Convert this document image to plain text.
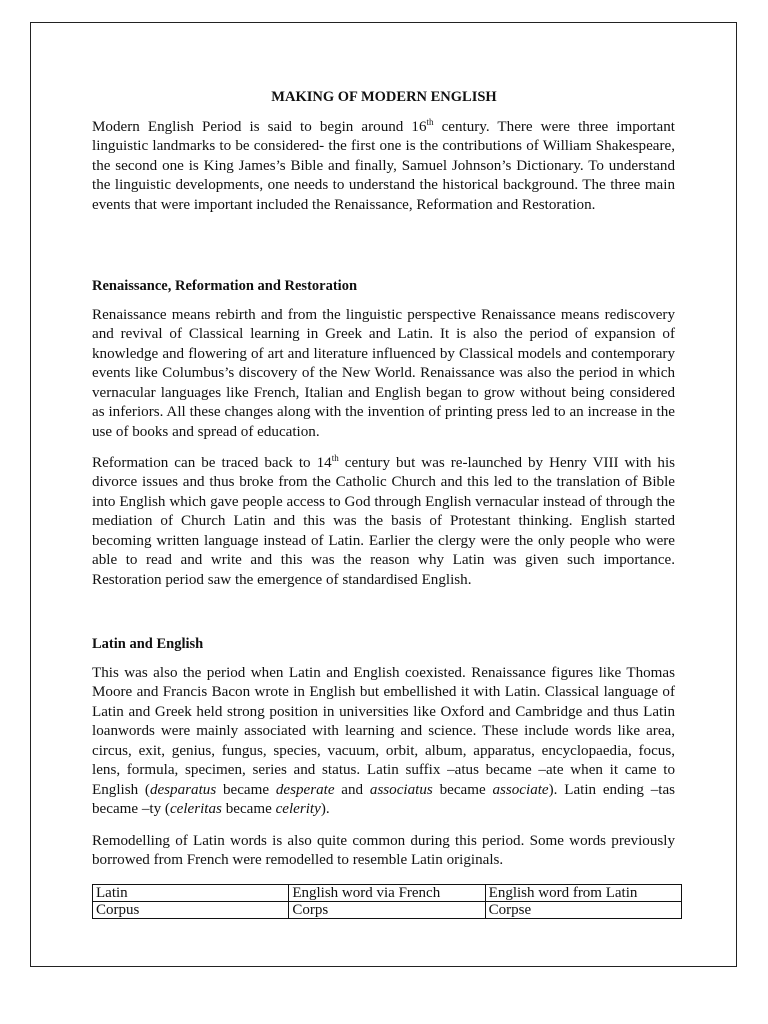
MAKING OF MODERN ENGLISH
Modern English Period is said to begin around 16th century. There were three important linguistic landmarks to be considered- the first one is the contributions of William Shakespeare, the second one is King James’s Bible and finally, Samuel Johnson’s Dictionary. To understand the linguistic developments, one needs to understand the historical background. The three main events that were important included the Renaissance, Reformation and Restoration.
Renaissance, Reformation and Restoration
Renaissance means rebirth and from the linguistic perspective Renaissance means rediscovery and revival of Classical learning in Greek and Latin. It is also the period of expansion of knowledge and flowering of art and literature influenced by Classical models and contemporary events like Columbus’s discovery of the New World. Renaissance was also the period in which vernacular languages like French, Italian and English began to grow without being considered as inferiors. All these changes along with the invention of printing press led to an increase in the use of books and spread of education.
Reformation can be traced back to 14th century but was re-launched by Henry VIII with his divorce issues and thus broke from the Catholic Church and this led to the translation of Bible into English which gave people access to God through English vernacular instead of through the mediation of Church Latin and this was the basis of Protestant thinking. English started becoming written language instead of Latin. Earlier the clergy were the only people who were able to read and write and this was the reason why Latin was given such importance. Restoration period saw the emergence of standardised English.
Latin and English
This was also the period when Latin and English coexisted. Renaissance figures like Thomas Moore and Francis Bacon wrote in English but embellished it with Latin. Classical language of Latin and Greek held strong position in universities like Oxford and Cambridge and thus Latin loanwords were mainly associated with learning and science. These include words like area, circus, exit, genius, fungus, species, vacuum, orbit, album, apparatus, encyclopaedia, focus, lens, formula, specimen, series and status. Latin suffix –atus became –ate when it came to English (desparatus became desperate and associatus became associate). Latin ending –tas became –ty (celeritas became celerity).
Remodelling of Latin words is also quite common during this period. Some words previously borrowed from French were remodelled to resemble Latin originals.
Latin	English word via French	English word from Latin
Corpus	Corps	Corpse
